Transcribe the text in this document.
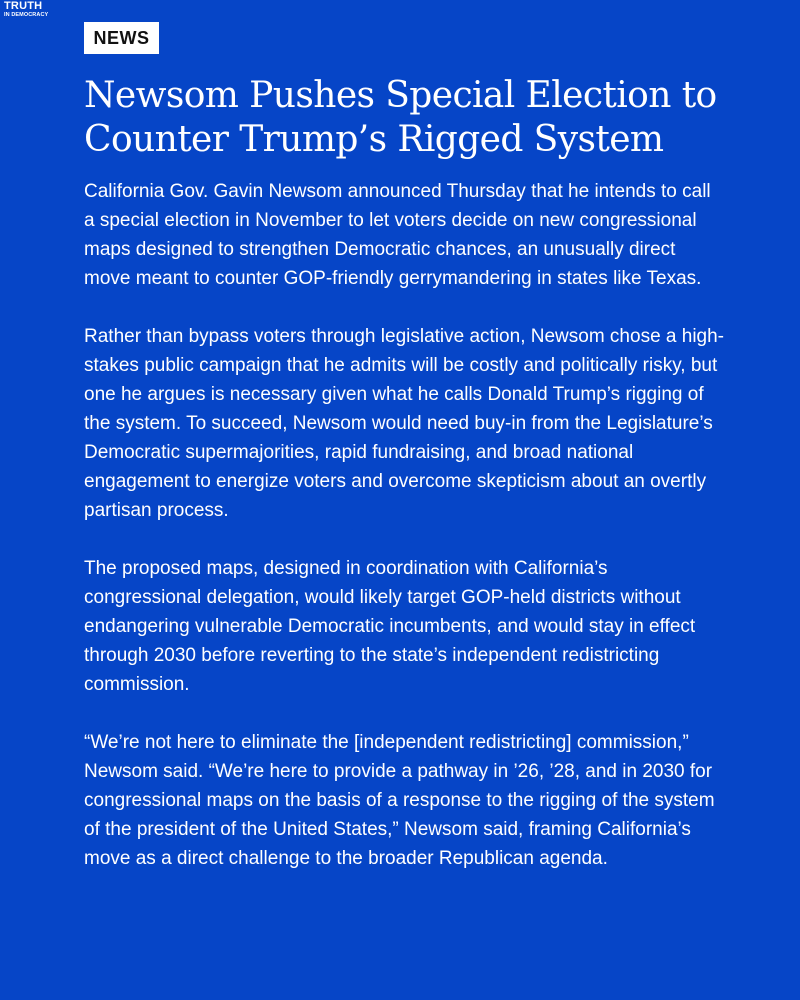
TRUTH
IN DEMOCRACY
NEWS
Newsom Pushes Special Election to Counter Trump’s Rigged System

California Gov. Gavin Newsom announced Thursday that he intends to call a special election in November to let voters decide on new congressional maps designed to strengthen Democratic chances, an unusually direct move meant to counter GOP-friendly gerrymandering in states like Texas.

Rather than bypass voters through legislative action, Newsom chose a high-stakes public campaign that he admits will be costly and politically risky, but one he argues is necessary given what he calls Donald Trump’s rigging of the system. To succeed, Newsom would need buy-in from the Legislature’s Democratic supermajorities, rapid fundraising, and broad national engagement to energize voters and overcome skepticism about an overtly partisan process.

The proposed maps, designed in coordination with California’s congressional delegation, would likely target GOP-held districts without endangering vulnerable Democratic incumbents, and would stay in effect through 2030 before reverting to the state’s independent redistricting commission.

“We’re not here to eliminate the [independent redistricting] commission,” Newsom said. “We’re here to provide a pathway in ’26, ’28, and in 2030 for congressional maps on the basis of a response to the rigging of the system of the president of the United States,” Newsom said, framing California’s move as a direct challenge to the broader Republican agenda.
